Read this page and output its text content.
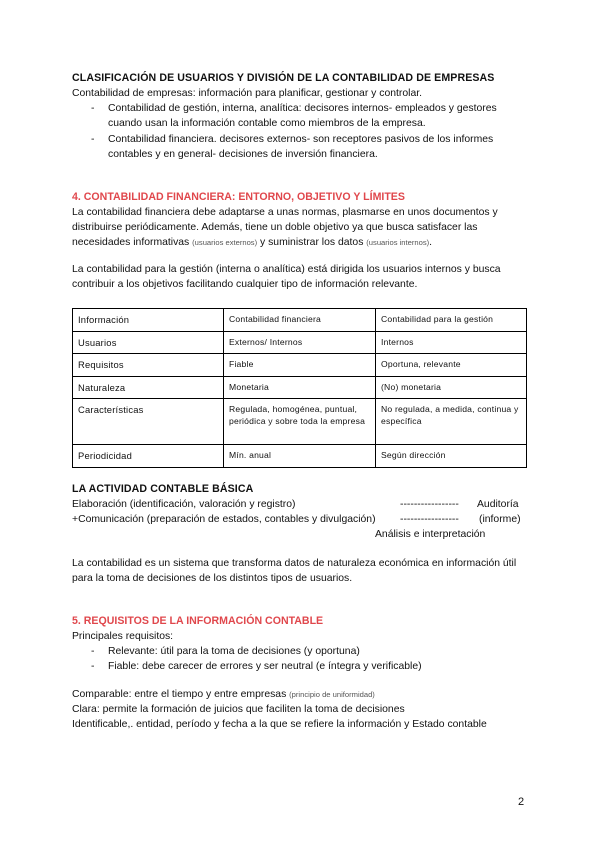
CLASIFICACIÓN DE USUARIOS Y DIVISIÓN DE LA CONTABILIDAD DE EMPRESAS

Contabilidad de empresas: información para planificar, gestionar y controlar.

- Contabilidad de gestión, interna, analítica: decisores internos- empleados y gestores cuando usan la información contable como miembros de la empresa.
- Contabilidad financiera. decisores externos- son receptores pasivos de los informes contables y en general- decisiones de inversión financiera.

4. CONTABILIDAD FINANCIERA: ENTORNO, OBJETIVO Y LÍMITES

La contabilidad financiera debe adaptarse a unas normas, plasmarse en unos documentos y distribuirse periódicamente. Además, tiene un doble objetivo ya que busca satisfacer las necesidades informativas (usuarios externos) y suministrar los datos (usuarios internos).

La contabilidad para la gestión (interna o analítica) está dirigida los usuarios internos y busca contribuir a los objetivos facilitando cualquier tipo de información relevante.

Información	Contabilidad financiera	Contabilidad para la gestión
Usuarios	Externos/ Internos	Internos
Requisitos	Fiable	Oportuna, relevante
Naturaleza	Monetaria	(No) monetaria
Características	Regulada, homogénea, puntual, periódica y sobre toda la empresa	No regulada, a medida, continua y específica
Periodicidad	Mín. anual	Según dirección

LA ACTIVIDAD CONTABLE BÁSICA

Elaboración (identificación, valoración y registro)	----------------- Auditoría
+Comunicación (preparación de estados, contables y divulgación) ----------------- (informe)
Análisis e interpretación

La contabilidad es un sistema que transforma datos de naturaleza económica en información útil para la toma de decisiones de los distintos tipos de usuarios.

5. REQUISITOS DE LA INFORMACIÓN CONTABLE

Principales requisitos:

- Relevante: útil para la toma de decisiones (y oportuna)
- Fiable: debe carecer de errores y ser neutral (e íntegra y verificable)

Comparable: entre el tiempo y entre empresas (principio de uniformidad)

Clara: permite la formación de juicios que faciliten la toma de decisiones

Identificable,. entidad, período y fecha a la que se refiere la información y Estado contable

2
